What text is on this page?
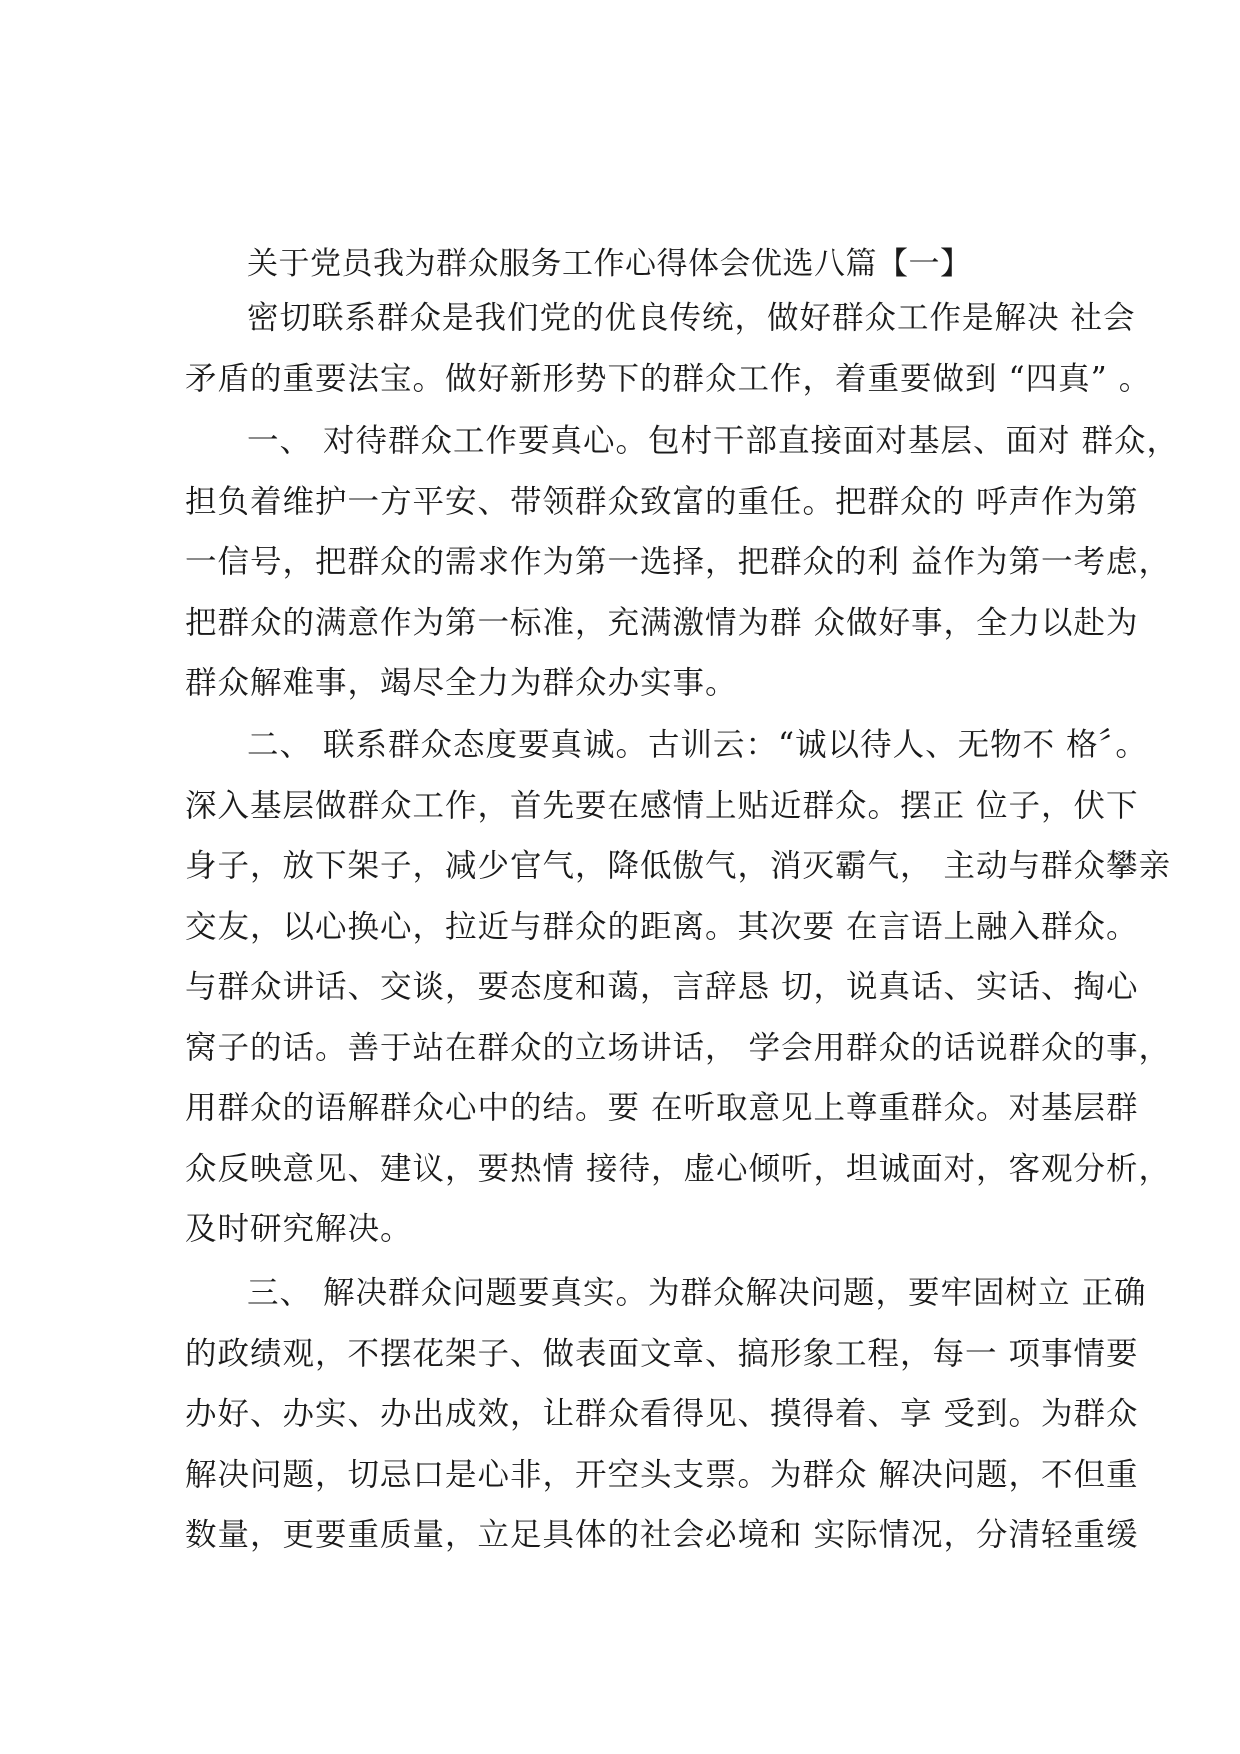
关于党员我为群众服务工作心得体会优选八篇【一】
密切联系群众是我们党的优良传统，做好群众工作是解决 社会
矛盾的重要法宝。做好新形势下的群众工作，着重要做到 “四真” 。
一、 对待群众工作要真心。包村干部直接面对基层、面对 群众，
担负着维护一方平安、带领群众致富的重任。把群众的 呼声作为第
一信号，把群众的需求作为第一选择，把群众的利 益作为第一考虑，
把群众的满意作为第一标准，充满激情为群 众做好事，全力以赴为
群众解难事，竭尽全力为群众办实事。
二、 联系群众态度要真诚。古训云：“诚以待人、无物不 格〞。
深入基层做群众工作，首先要在感情上贴近群众。摆正 位子，伏下
身子，放下架子，减少官气，降低傲气，消灭霸气， 主动与群众攀亲
交友，以心换心，拉近与群众的距离。其次要 在言语上融入群众。
与群众讲话、交谈，要态度和蔼，言辞恳 切，说真话、实话、掏心
窝子的话。善于站在群众的立场讲话， 学会用群众的话说群众的事，
用群众的语解群众心中的结。要 在听取意见上尊重群众。对基层群
众反映意见、建议，要热情 接待，虚心倾听，坦诚面对，客观分析，
及时研究解决。
三、 解决群众问题要真实。为群众解决问题，要牢固树立 正确
的政绩观，不摆花架子、做表面文章、搞形象工程，每一 项事情要
办好、办实、办出成效，让群众看得见、摸得着、享 受到。为群众
解决问题，切忌口是心非，开空头支票。为群众 解决问题，不但重
数量，更要重质量，立足具体的社会必境和 实际情况，分清轻重缓
